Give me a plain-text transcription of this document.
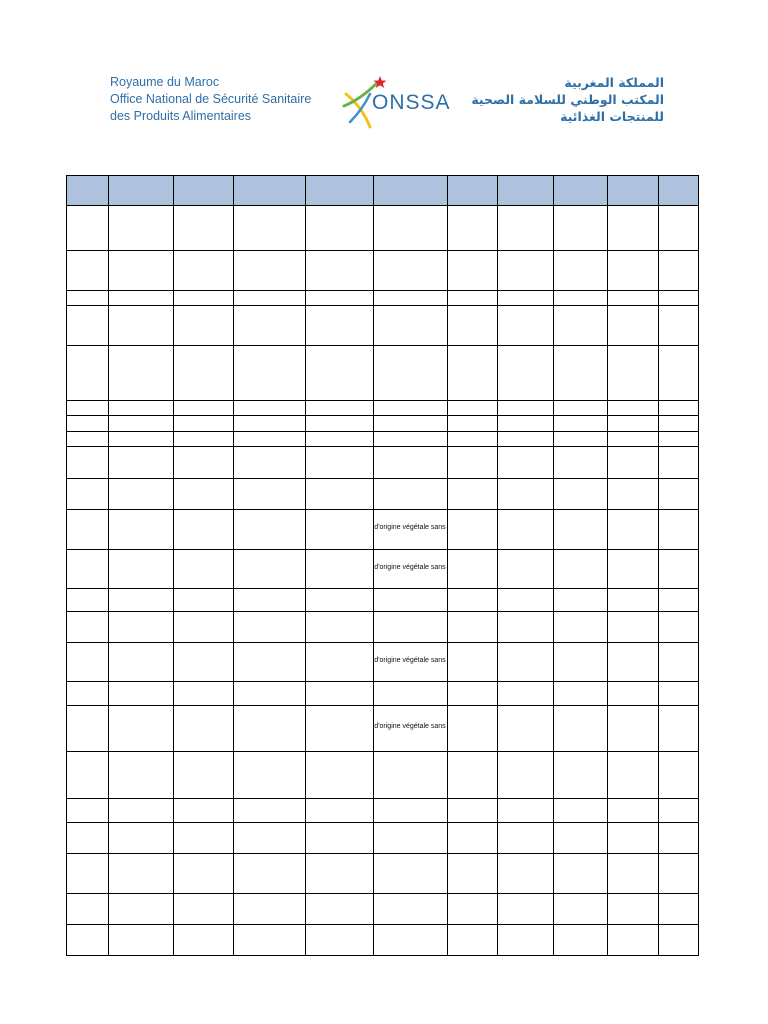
Royaume du Maroc
Office National de Sécurité Sanitaire
des Produits Alimentaires
ONSSA
المملكة المغربية
المكتب الوطني للسلامة الصحية
للمنتجات الغذائية
d'origine végétale sans
d'origine végétale sans
d'origine végétale sans
d'origine végétale sans
